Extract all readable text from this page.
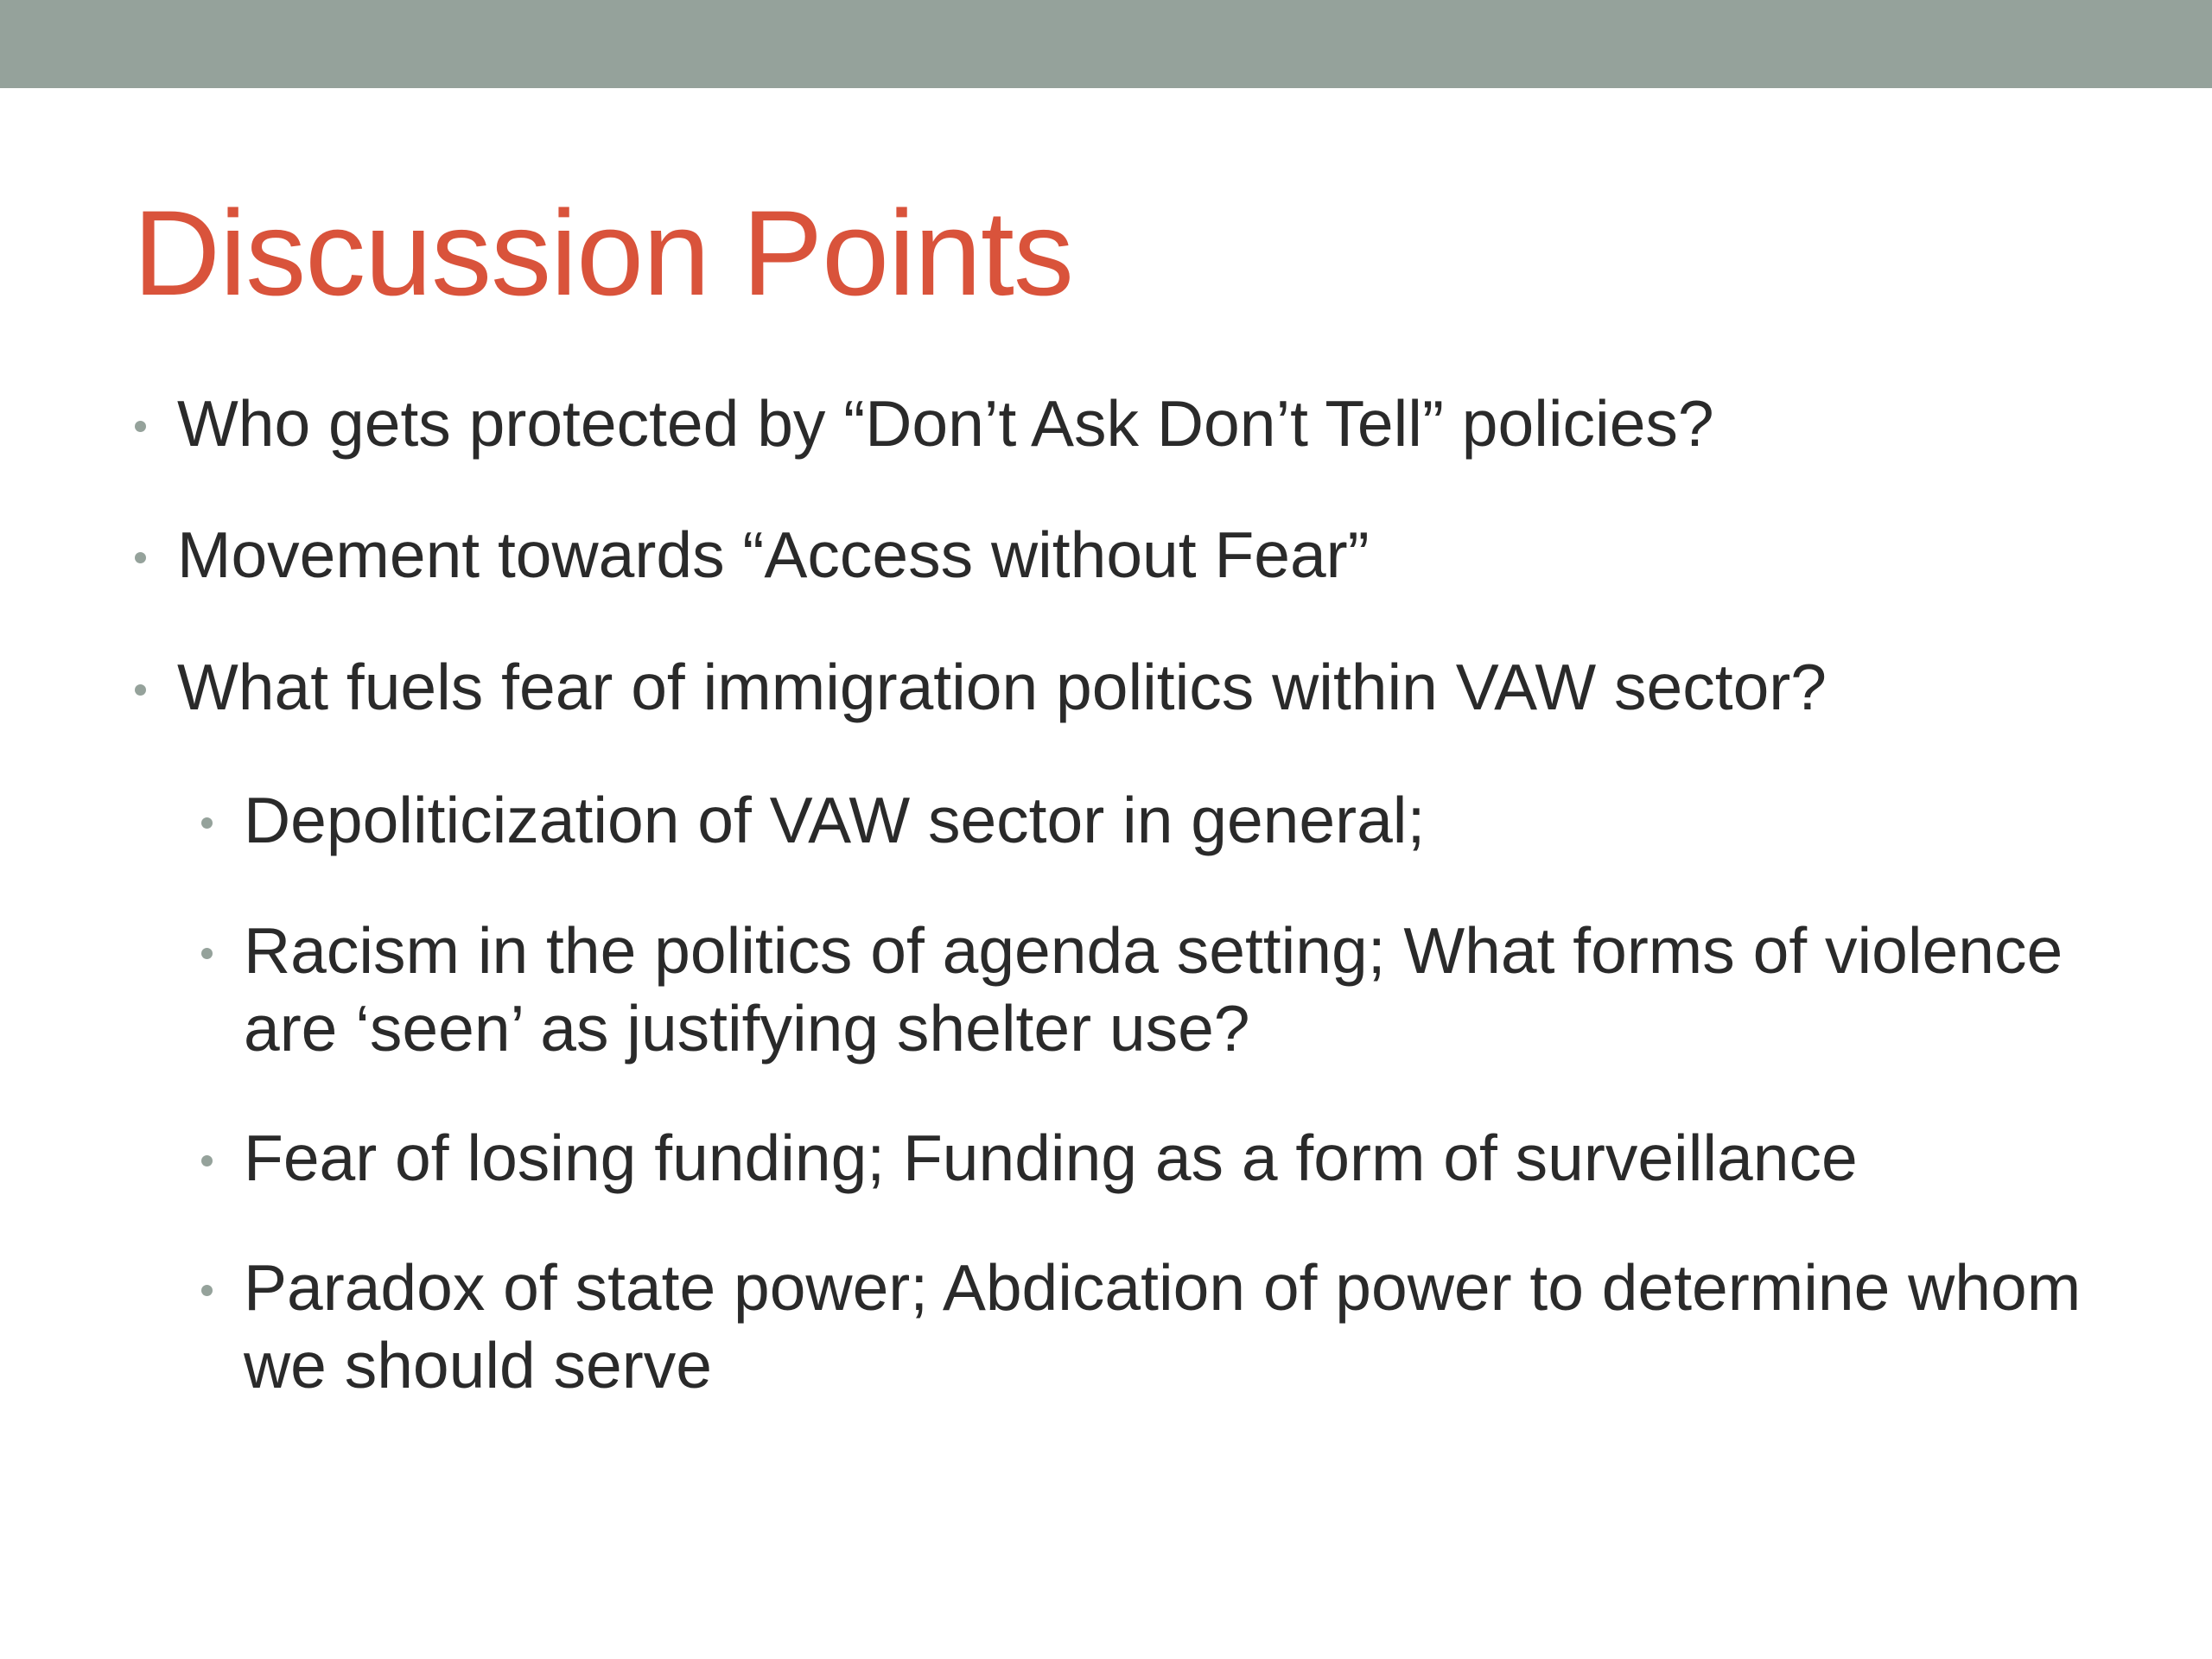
Discussion Points
Who gets protected by “Don’t Ask Don’t Tell” policies?
Movement towards “Access without Fear”
What fuels fear of immigration politics within VAW sector?
Depoliticization of VAW sector in general;
Racism in the politics of agenda setting; What forms of violence
are ‘seen’ as justifying shelter use?
Fear of losing funding; Funding as a form of surveillance
Paradox of state power; Abdication of power to determine whom
we should serve
